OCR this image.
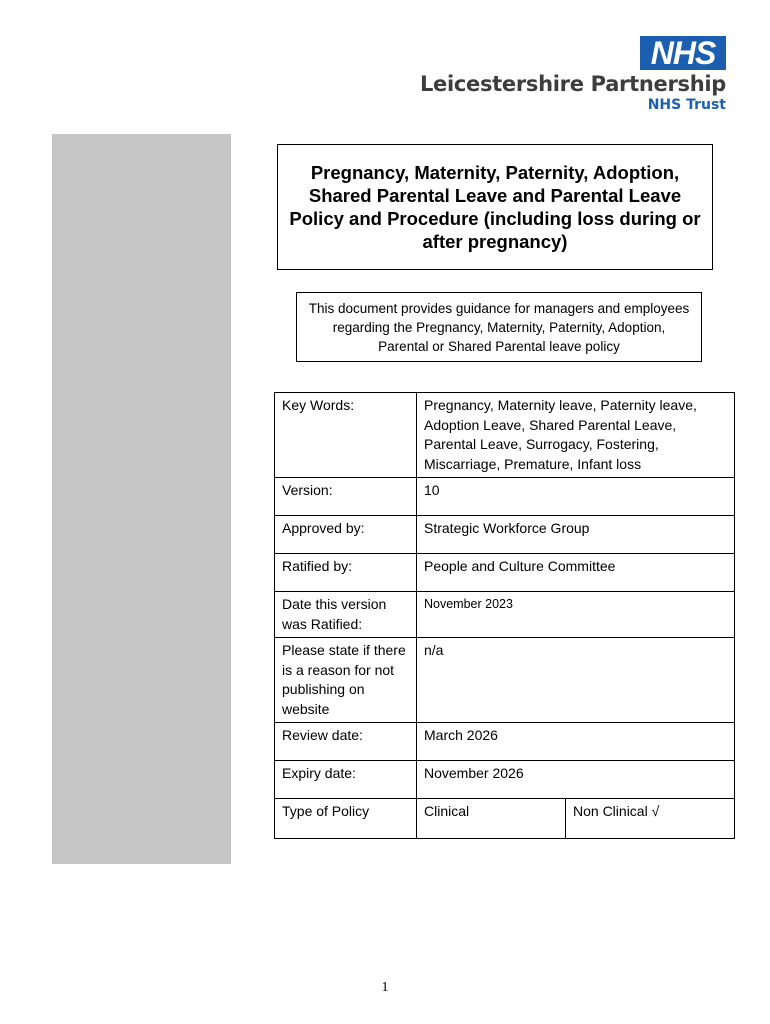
NHS
Leicestershire Partnership
NHS Trust
Pregnancy, Maternity, Paternity, Adoption, Shared Parental Leave and Parental Leave Policy and Procedure (including loss during or after pregnancy)
This document provides guidance for managers and employees regarding the Pregnancy, Maternity, Paternity, Adoption, Parental or Shared Parental leave policy
Key Words:	Pregnancy, Maternity leave, Paternity leave, Adoption Leave, Shared Parental Leave, Parental Leave, Surrogacy, Fostering, Miscarriage, Premature, Infant loss	
Version:	10	
Approved by:	Strategic Workforce Group	
Ratified by:	People and Culture Committee	
Date this version was Ratified:	November 2023	
Please state if there is a reason for not publishing on website	n/a	
Review date:	March 2026	
Expiry date:	November 2026	
Type of Policy	Clinical	Non Clinical √
1
